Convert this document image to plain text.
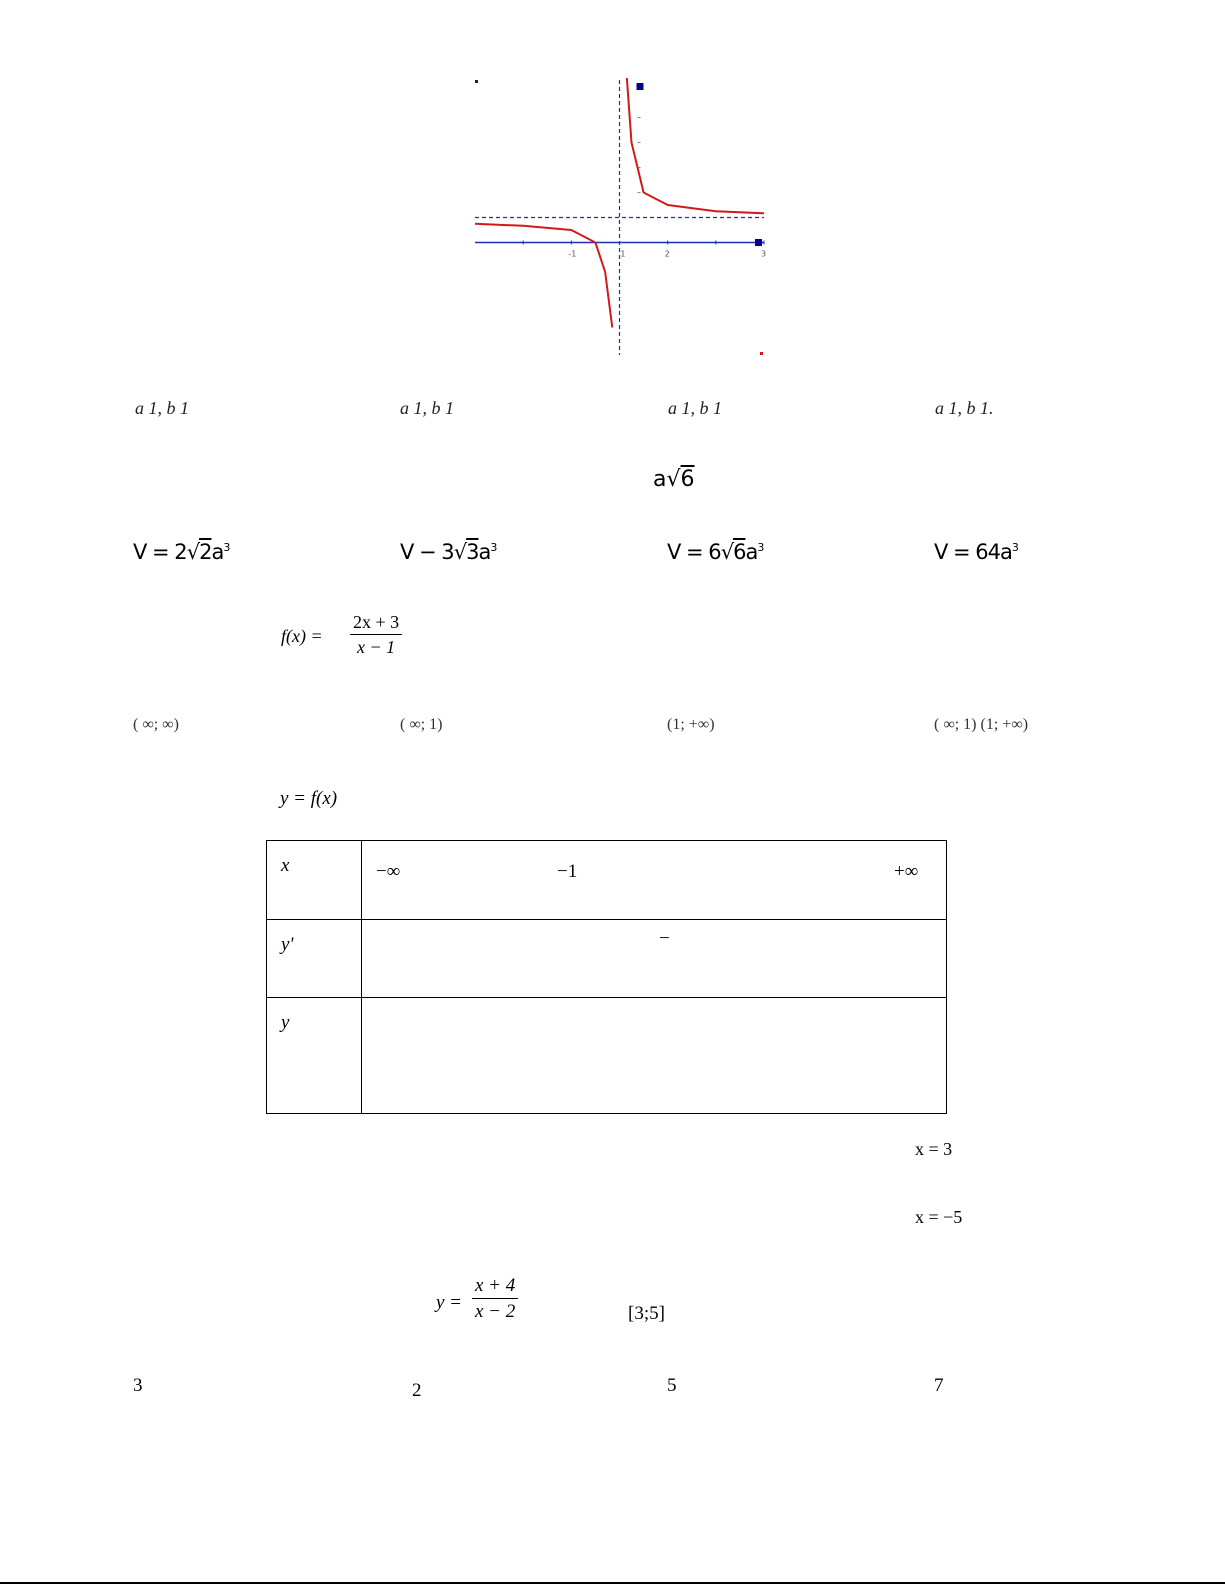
-1	1	2	3
a 1, b 1	a 1, b 1	a 1, b 1	a 1, b 1.
a√6
$V = 2√2a^3$	$V - 3√3a^3$	$V = 6√6a^3$	$V = 64a^3$
$f(x) = \frac{2x + 3}{x - 1}$
( ∞; ∞)	( ∞; 1)	(1; +∞)	( ∞; 1) (1; +∞)
y = f(x)
x	−∞ −1 +∞

y'	−

y	
x = 3
x = −5
$y = \frac{x + 4}{x - 2}$	[3;5]
3	2	5	7
